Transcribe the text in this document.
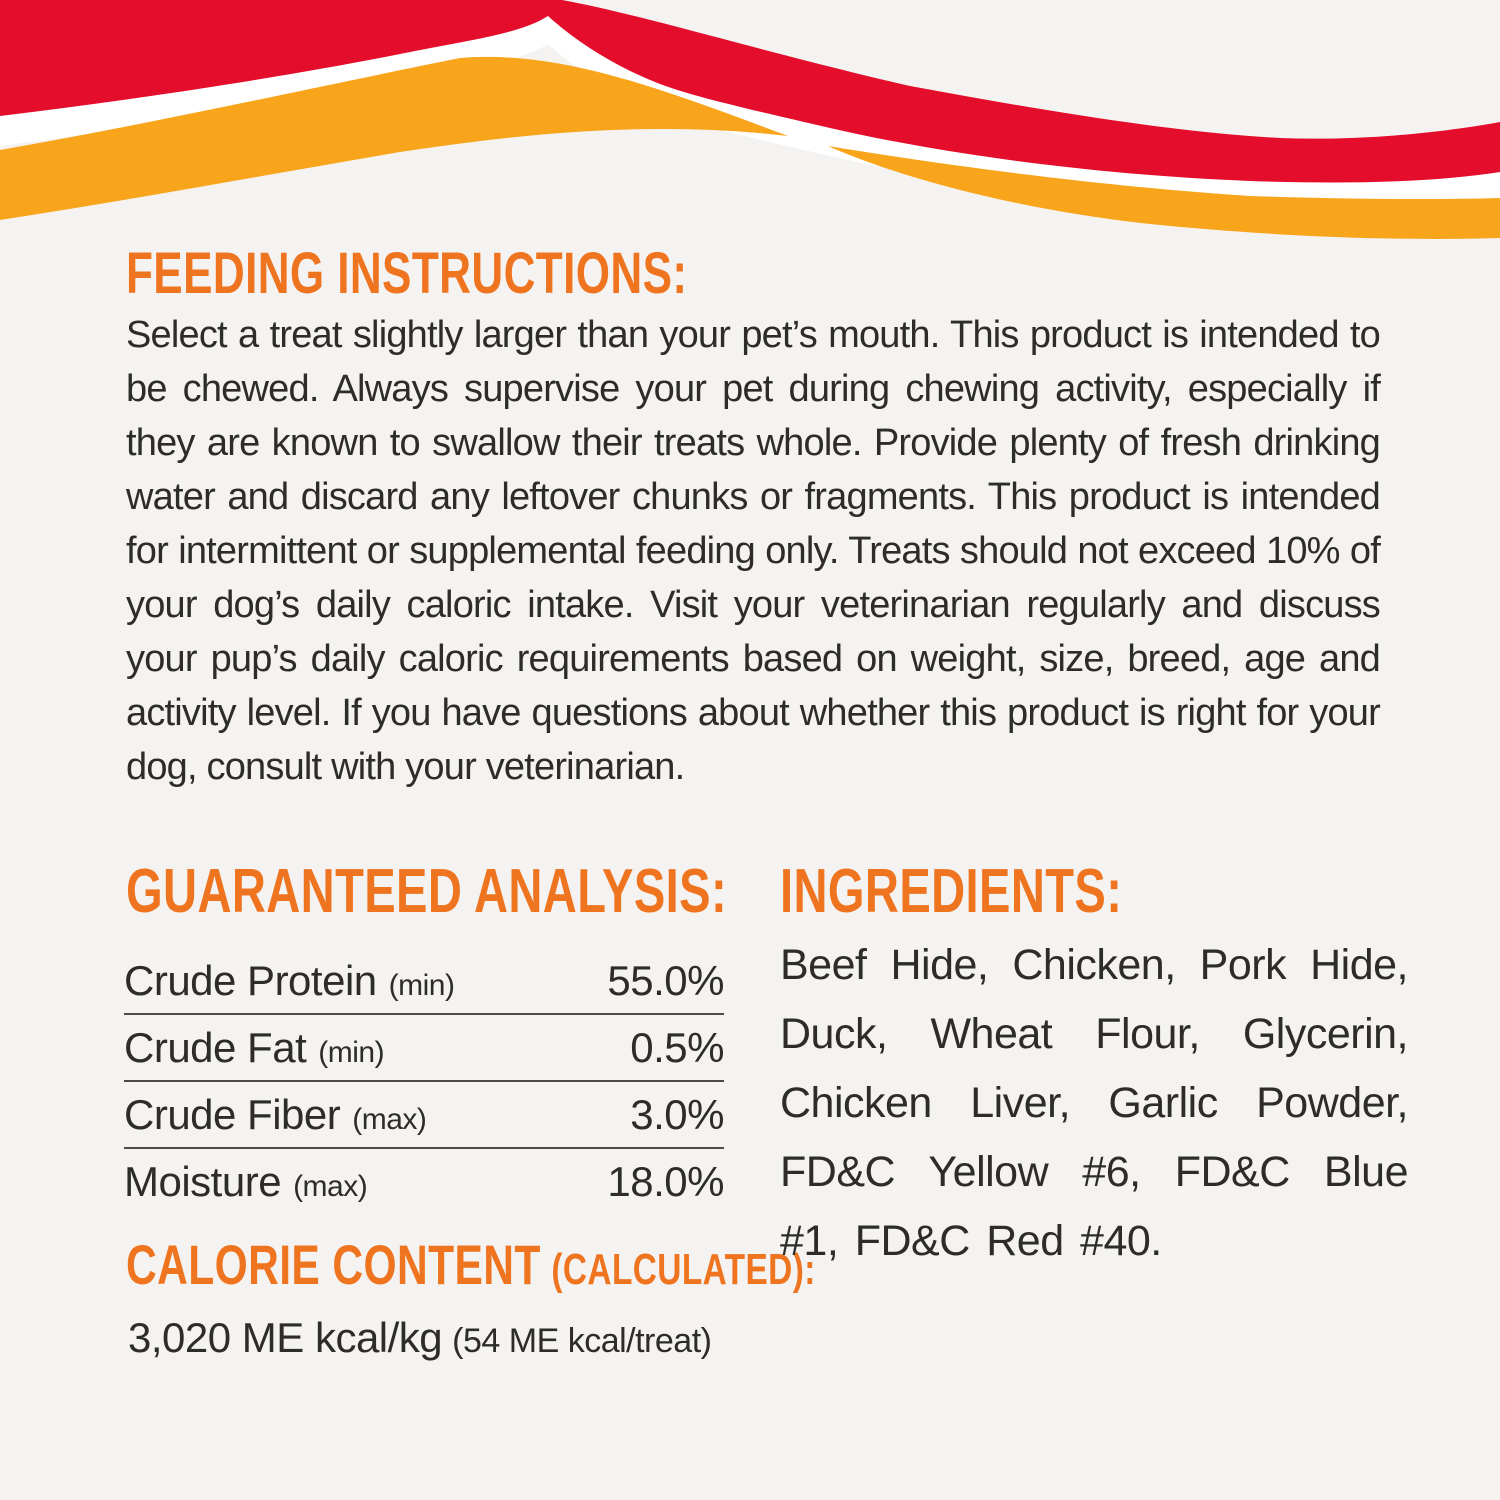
FEEDING INSTRUCTIONS:

Select a treat slightly larger than your pet’s mouth. This product is intended to be chewed. Always supervise your pet during chewing activity, especially if they are known to swallow their treats whole. Provide plenty of fresh drinking water and discard any leftover chunks or fragments. This product is intended for intermittent or supplemental feeding only. Treats should not exceed 10% of your dog’s daily caloric intake. Visit your veterinarian regularly and discuss your pup’s daily caloric requirements based on weight, size, breed, age and activity level. If you have questions about whether this product is right for your dog, consult with your veterinarian.

GUARANTEED ANALYSIS:
Crude Protein (min)	55.0%
Crude Fat (min)	0.5%
Crude Fiber (max)	3.0%
Moisture (max)	18.0%
CALORIE CONTENT (CALCULATED):

3,020 ME kcal/kg (54 ME kcal/treat)

INGREDIENTS:

Beef Hide, Chicken, Pork Hide, Duck, Wheat Flour, Glycerin, Chicken Liver, Garlic Powder, FD&C Yellow #6, FD&C Blue #1, FD&C Red #40.
